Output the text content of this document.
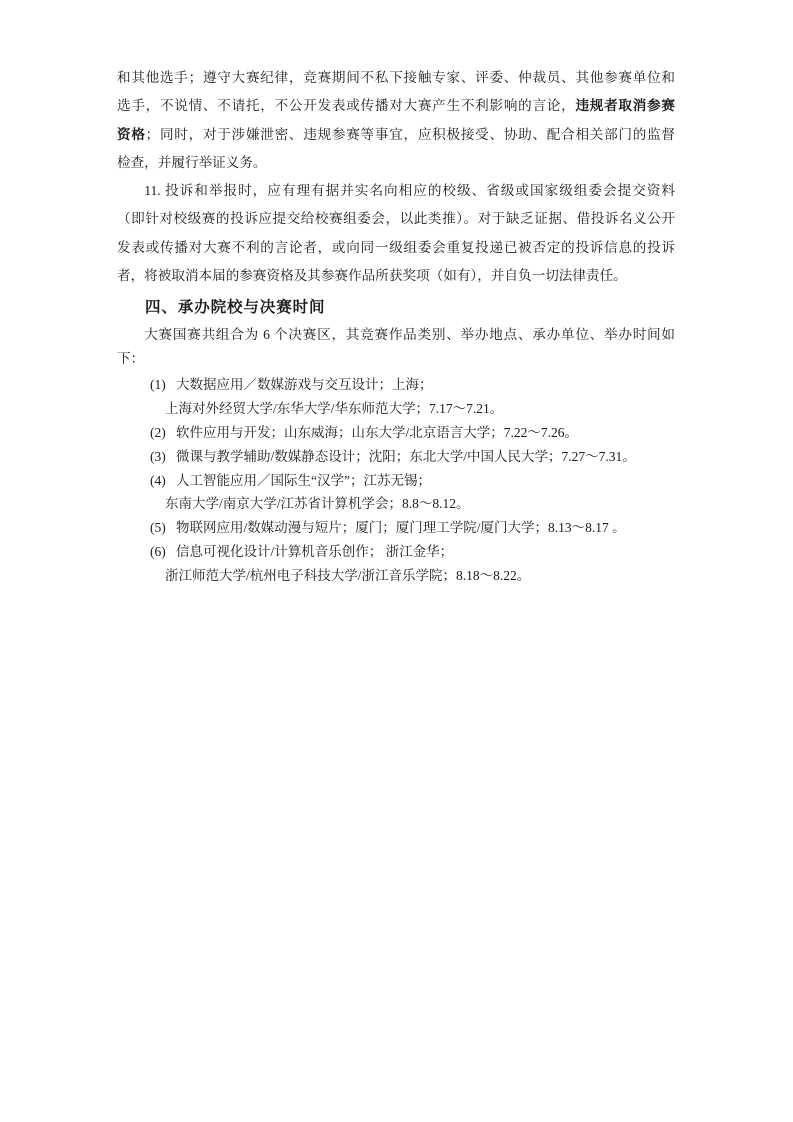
和其他选手；遵守大赛纪律，竞赛期间不私下接触专家、评委、仲裁员、其他参赛单位和
选手，不说情、不请托，不公开发表或传播对大赛产生不利影响的言论，违规者取消参赛
资格；同时，对于涉嫌泄密、违规参赛等事宜，应积极接受、协助、配合相关部门的监督
检查，并履行举证义务。
11. 投诉和举报时，应有理有据并实名向相应的校级、省级或国家级组委会提交资料
（即针对校级赛的投诉应提交给校赛组委会，以此类推）。对于缺乏证据、借投诉名义公开
发表或传播对大赛不利的言论者，或向同一级组委会重复投递已被否定的投诉信息的投诉
者，将被取消本届的参赛资格及其参赛作品所获奖项（如有），并自负一切法律责任。
四、承办院校与决赛时间
大赛国赛共组合为 6 个决赛区，其竞赛作品类别、举办地点、承办单位、举办时间如
下：
(1) 大数据应用／数媒游戏与交互设计；上海；
上海对外经贸大学/东华大学/华东师范大学；7.17～7.21。
(2) 软件应用与开发；山东威海；山东大学/北京语言大学；7.22～7.26。
(3) 微课与教学辅助/数媒静态设计；沈阳；东北大学/中国人民大学；7.27～7.31。
(4) 人工智能应用／国际生“汉学”；江苏无锡；
东南大学/南京大学/江苏省计算机学会；8.8～8.12。
(5) 物联网应用/数媒动漫与短片；厦门；厦门理工学院/厦门大学；8.13～8.17 。
(6) 信息可视化设计/计算机音乐创作； 浙江金华；
浙江师范大学/杭州电子科技大学/浙江音乐学院；8.18～8.22。
